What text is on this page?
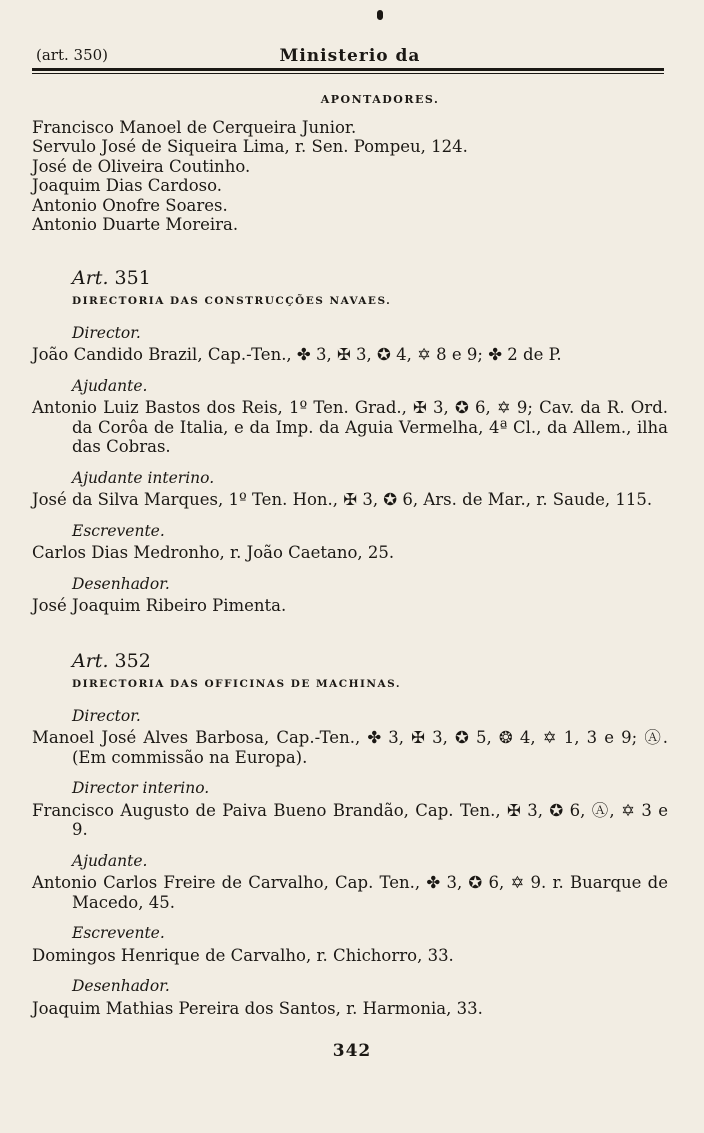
(art. 350)	Ministerio da
APONTADORES.

Francisco Manoel de Cerqueira Junior.

Servulo José de Siqueira Lima, r. Sen. Pompeu, 124.

José de Oliveira Coutinho.

Joaquim Dias Cardoso.

Antonio Onofre Soares.

Antonio Duarte Moreira.

Art. 351
DIRECTORIA DAS CONSTRUCÇÕES NAVAES.
Director.

João Candido Brazil, Cap.-Ten., ✤ 3, ✠ 3, ✪ 4, ✡ 8 e 9; ✤ 2 de P.

Ajudante.

Antonio Luiz Bastos dos Reis, 1º Ten. Grad., ✠ 3, ✪ 6, ✡ 9; Cav. da R. Ord. da Corôa de Italia, e da Imp. da Aguia Vermelha, 4ª Cl., da Allem., ilha das Cobras.

Ajudante interino.

José da Silva Marques, 1º Ten. Hon., ✠ 3, ✪ 6, Ars. de Mar., r. Saude, 115.

Escrevente.

Carlos Dias Medronho, r. João Caetano, 25.

Desenhador.

José Joaquim Ribeiro Pimenta.

Art. 352
DIRECTORIA DAS OFFICINAS DE MACHINAS.
Director.

Manoel José Alves Barbosa, Cap.-Ten., ✤ 3, ✠ 3, ✪ 5, ❂ 4, ✡ 1, 3 e 9; Ⓐ. (Em commissão na Europa).

Director interino.

Francisco Augusto de Paiva Bueno Brandão, Cap. Ten., ✠ 3, ✪ 6, Ⓐ, ✡ 3 e 9.

Ajudante.

Antonio Carlos Freire de Carvalho, Cap. Ten., ✤ 3, ✪ 6, ✡ 9. r. Buarque de Macedo, 45.

Escrevente.

Domingos Henrique de Carvalho, r. Chichorro, 33.

Desenhador.

Joaquim Mathias Pereira dos Santos, r. Harmonia, 33.

342
